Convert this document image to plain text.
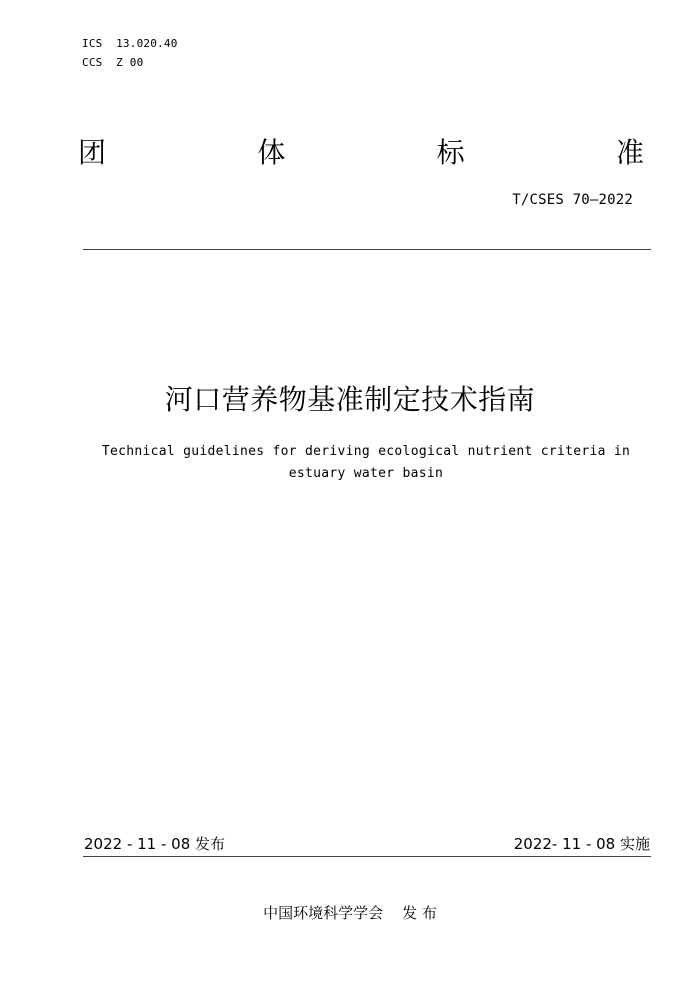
ICS  13.020.40
CCS  Z 00
团	体	标	准
T/CSES 70—2022
河口营养物基准制定技术指南
Technical guidelines for deriving ecological nutrient criteria in
estuary water basin
2022 - 11 - 08 发布	2022- 11 - 08 实施
中国环境科学学会    发 布
